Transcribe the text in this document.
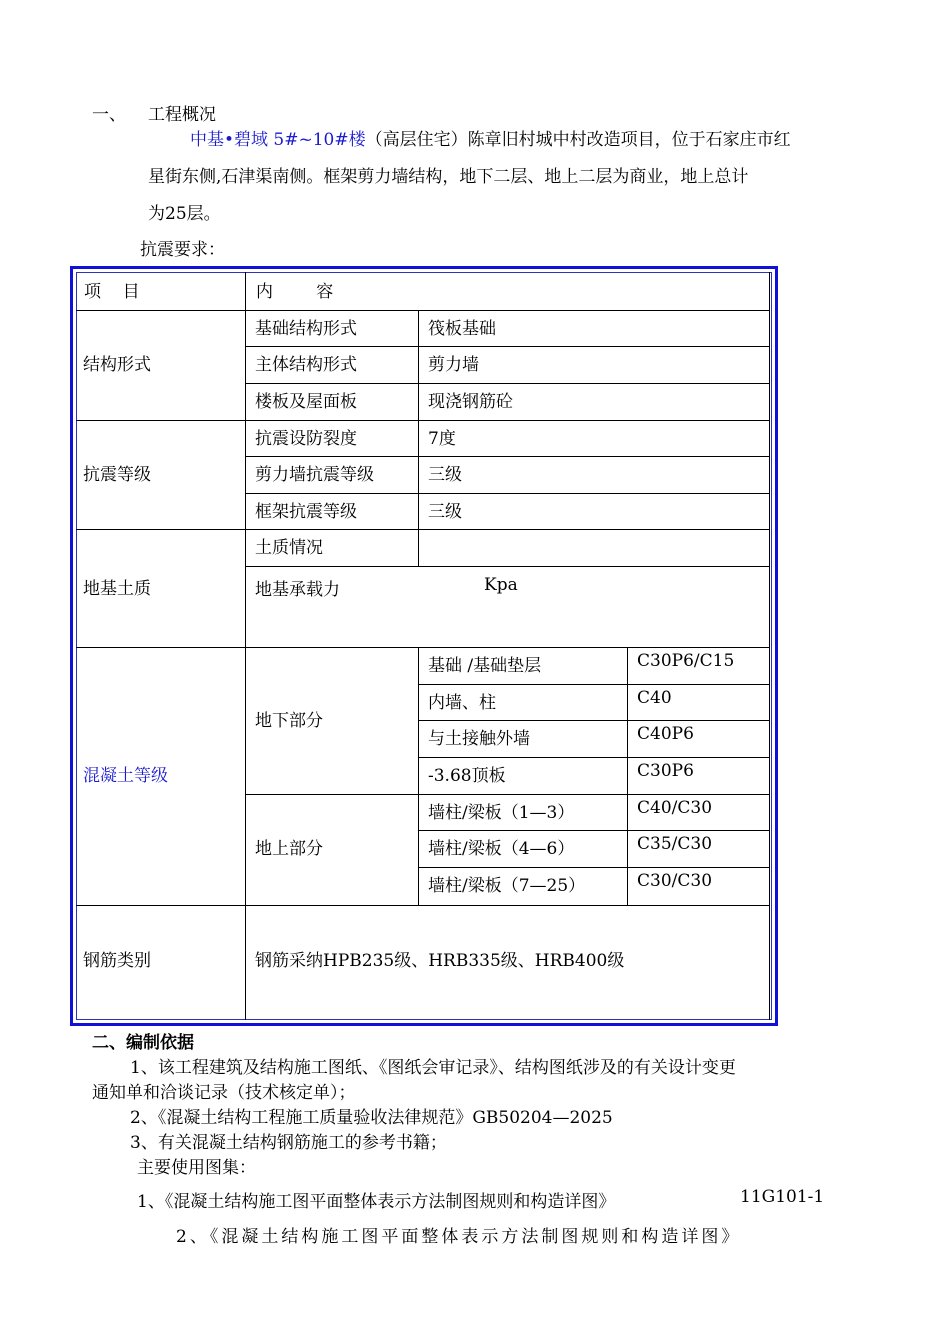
一、 工程概况
中基•碧域 5#~10#楼（高层住宅）陈章旧村城中村改造项目，位于石家庄市红
星街东侧,石津渠南侧。框架剪力墙结构，地下二层、地上二层为商业，地上总计
为25层。
抗震要求：
项    目	内        容
结构形式
基础结构形式	筏板基础
主体结构形式	剪力墙
楼板及屋面板	现浇钢筋砼
抗震等级
抗震设防裂度	7度
剪力墙抗震等级	三级
框架抗震等级	三级
地基土质
土质情况
地基承载力	Kpa
混凝土等级
地下部分
基础 /基础垫层	C30P6/C15
内墙、柱	C40
与土接触外墙	C40P6
-3.68顶板	C30P6
地上部分
墙柱/梁板（1—3）	C40/C30
墙柱/梁板（4—6）	C35/C30
墙柱/梁板（7—25）	C30/C30
钢筋类别	钢筋采纳HPB235级、HRB335级、HRB400级
二、编制依据
1、该工程建筑及结构施工图纸、《图纸会审记录》、结构图纸涉及的有关设计变更
通知单和洽谈记录（技术核定单）；
2、《混凝土结构工程施工质量验收法律规范》GB50204—2025
3、有关混凝土结构钢筋施工的参考书籍；
主要使用图集：
1、《混凝土结构施工图平面整体表示方法制图规则和构造详图》	11G101-1
2、《混凝土结构施工图平面整体表示方法制图规则和构造详图》
